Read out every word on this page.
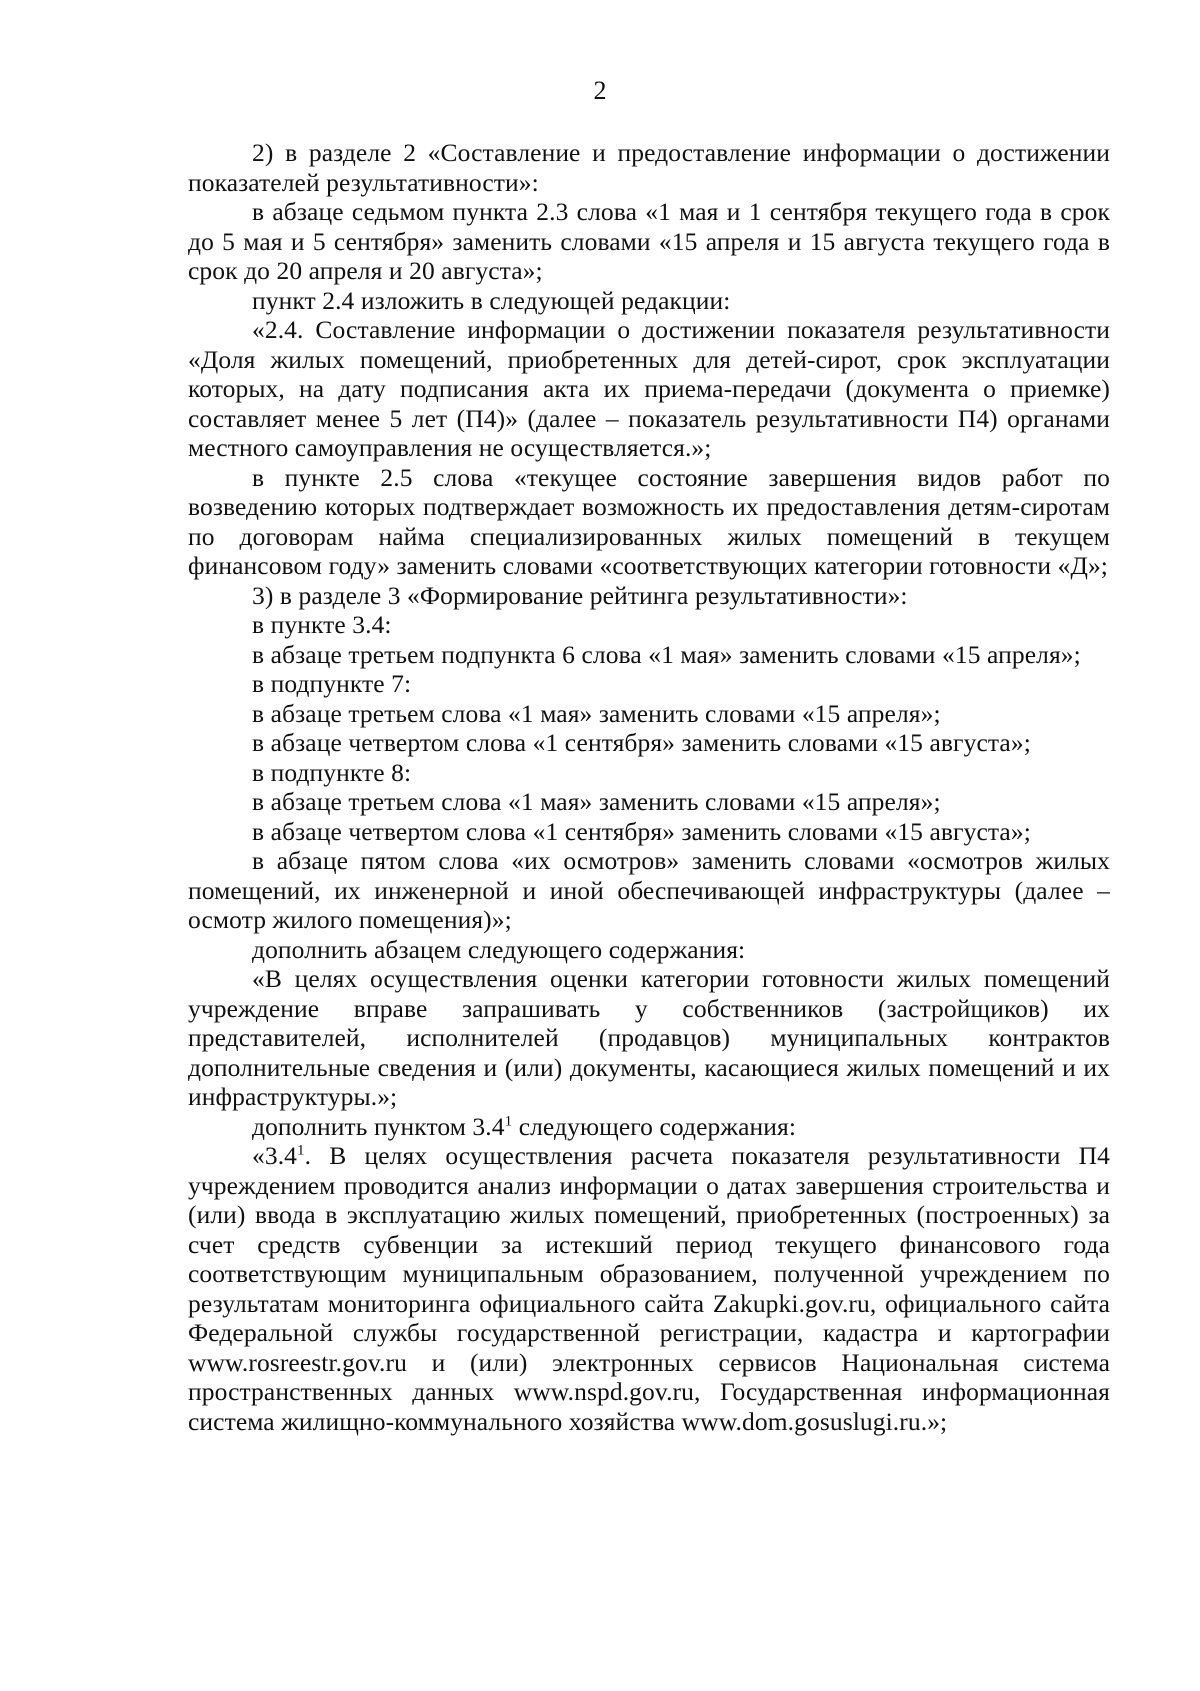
2

2) в разделе 2 «Составление и предоставление информации о достижении показателей результативности»:

в абзаце седьмом пункта 2.3 слова «1 мая и 1 сентября текущего года в срок до 5 мая и 5 сентября» заменить словами «15 апреля и 15 августа текущего года в срок до 20 апреля и 20 августа»;

пункт 2.4 изложить в следующей редакции:

«2.4. Составление информации о достижении показателя результативности «Доля жилых помещений, приобретенных для детей-сирот, срок эксплуатации которых, на дату подписания акта их приема-передачи (документа о приемке) составляет менее 5 лет (П4)» (далее – показатель результативности П4) органами местного самоуправления не осуществляется.»;

в пункте 2.5 слова «текущее состояние завершения видов работ по возведению которых подтверждает возможность их предоставления детям-сиротам по договорам найма специализированных жилых помещений в текущем финансовом году» заменить словами «соответствующих категории готовности «Д»;

3) в разделе 3 «Формирование рейтинга результативности»:

в пункте 3.4:

в абзаце третьем подпункта 6 слова «1 мая» заменить словами «15 апреля»;

в подпункте 7:

в абзаце третьем слова «1 мая» заменить словами «15 апреля»;

в абзаце четвертом слова «1 сентября» заменить словами «15 августа»;

в подпункте 8:

в абзаце третьем слова «1 мая» заменить словами «15 апреля»;

в абзаце четвертом слова «1 сентября» заменить словами «15 августа»;

в абзаце пятом слова «их осмотров» заменить словами «осмотров жилых помещений, их инженерной и иной обеспечивающей инфраструктуры (далее – осмотр жилого помещения)»;

дополнить абзацем следующего содержания:

«В целях осуществления оценки категории готовности жилых помещений учреждение вправе запрашивать у собственников (застройщиков) их представителей, исполнителей (продавцов) муниципальных контрактов дополнительные сведения и (или) документы, касающиеся жилых помещений и их инфраструктуры.»;

дополнить пунктом $3.4^1$ следующего содержания:

«$3.4^1$. В целях осуществления расчета показателя результативности П4 учреждением проводится анализ информации о датах завершения строительства и (или) ввода в эксплуатацию жилых помещений, приобретенных (построенных) за счет средств субвенции за истекший период текущего финансового года соответствующим муниципальным образованием, полученной учреждением по результатам мониторинга официального сайта Zakupki.gov.ru, официального сайта Федеральной службы государственной регистрации, кадастра и картографии www.rosreestr.gov.ru и (или) электронных сервисов Национальная система пространственных данных www.nspd.gov.ru, Государственная информационная система жилищно-коммунального хозяйства www.dom.gosuslugi.ru.»;
